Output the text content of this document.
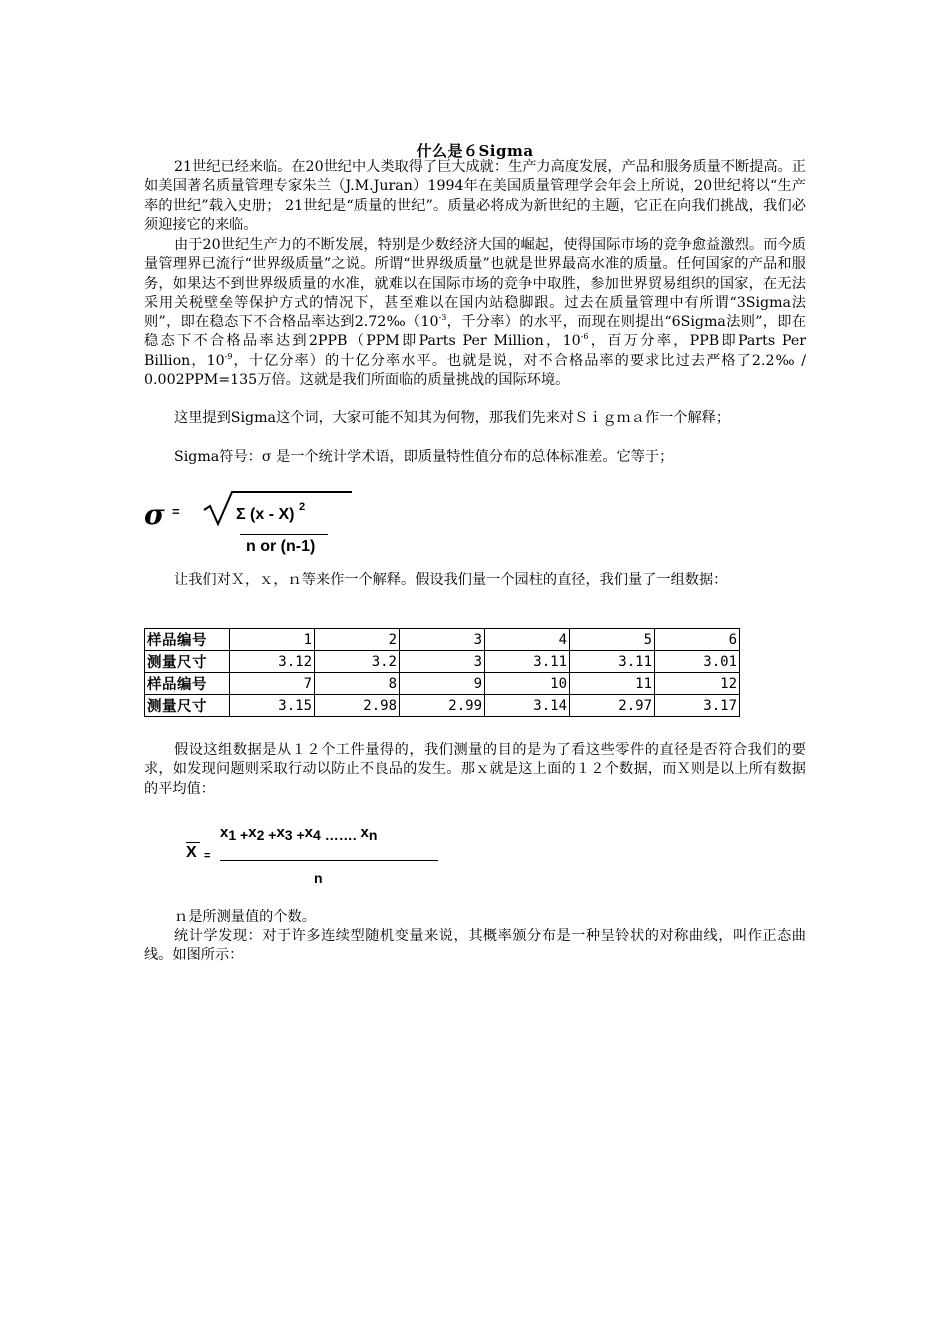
什么是６Sigma

21世纪已经来临。在20世纪中人类取得了巨大成就：生产力高度发展，产品和服务质量不断提高。正如美国著名质量管理专家朱兰（J.M.Juran）1994年在美国质量管理学会年会上所说，20世纪将以“生产率的世纪”载入史册； 21世纪是“质量的世纪”。质量必将成为新世纪的主题，它正在向我们挑战，我们必须迎接它的来临。

由于20世纪生产力的不断发展，特别是少数经济大国的崛起，使得国际市场的竞争愈益激烈。而今质量管理界已流行“世界级质量”之说。所谓“世界级质量”也就是世界最高水准的质量。任何国家的产品和服务，如果达不到世界级质量的水准，就难以在国际市场的竞争中取胜，参加世界贸易组织的国家，在无法采用关税壁垒等保护方式的情况下，甚至难以在国内站稳脚跟。过去在质量管理中有所谓“3Sigma法则”，即在稳态下不合格品率达到$2.72‰(10^{-3}$，千分率）的水平，而现在则提出“6Sigma法则”，即在稳态下不合格品率达到2PPB（PPM即Parts Per Million，$10^{-6}$，百万分率，PPB即Parts Per Billion，$10^{-9}$，十亿分率）的十亿分率水平。也就是说，对不合格品率的要求比过去严格了2.2‰ / 0.002PPM=135万倍。这就是我们所面临的质量挑战的国际环境。

这里提到Sigma这个词，大家可能不知其为何物，那我们先来对Ｓｉｇｍａ作一个解释；

Sigma符号：σ 是一个统计学术语，即质量特性值分布的总体标准差。它等于；

σ =	Σ (x - X) $^2$
n or (n-1)

让我们对Ｘ，ｘ，ｎ等来作一个解释。假设我们量一个园柱的直径，我们量了一组数据：

样品编号	1	2	3	4	5	6
测量尺寸	3.12	3.2	3	3.11	3.11	3.01
样品编号	7	8	9	10	11	12
测量尺寸	3.15	2.98	2.99	3.14	2.97	3.17

假设这组数据是从１２个工件量得的，我们测量的目的是为了看这些零件的直径是否符合我们的要求，如发现问题则采取行动以防止不良品的发生。那ｘ就是这上面的１２个数据，而Ｘ则是以上所有数据的平均值：

X =
x1 +x2 +x3 +x4 ……. xn
n

ｎ是所测量值的个数。

统计学发现：对于许多连续型随机变量来说，其概率颁分布是一种呈铃状的对称曲线，叫作正态曲线。如图所示：
